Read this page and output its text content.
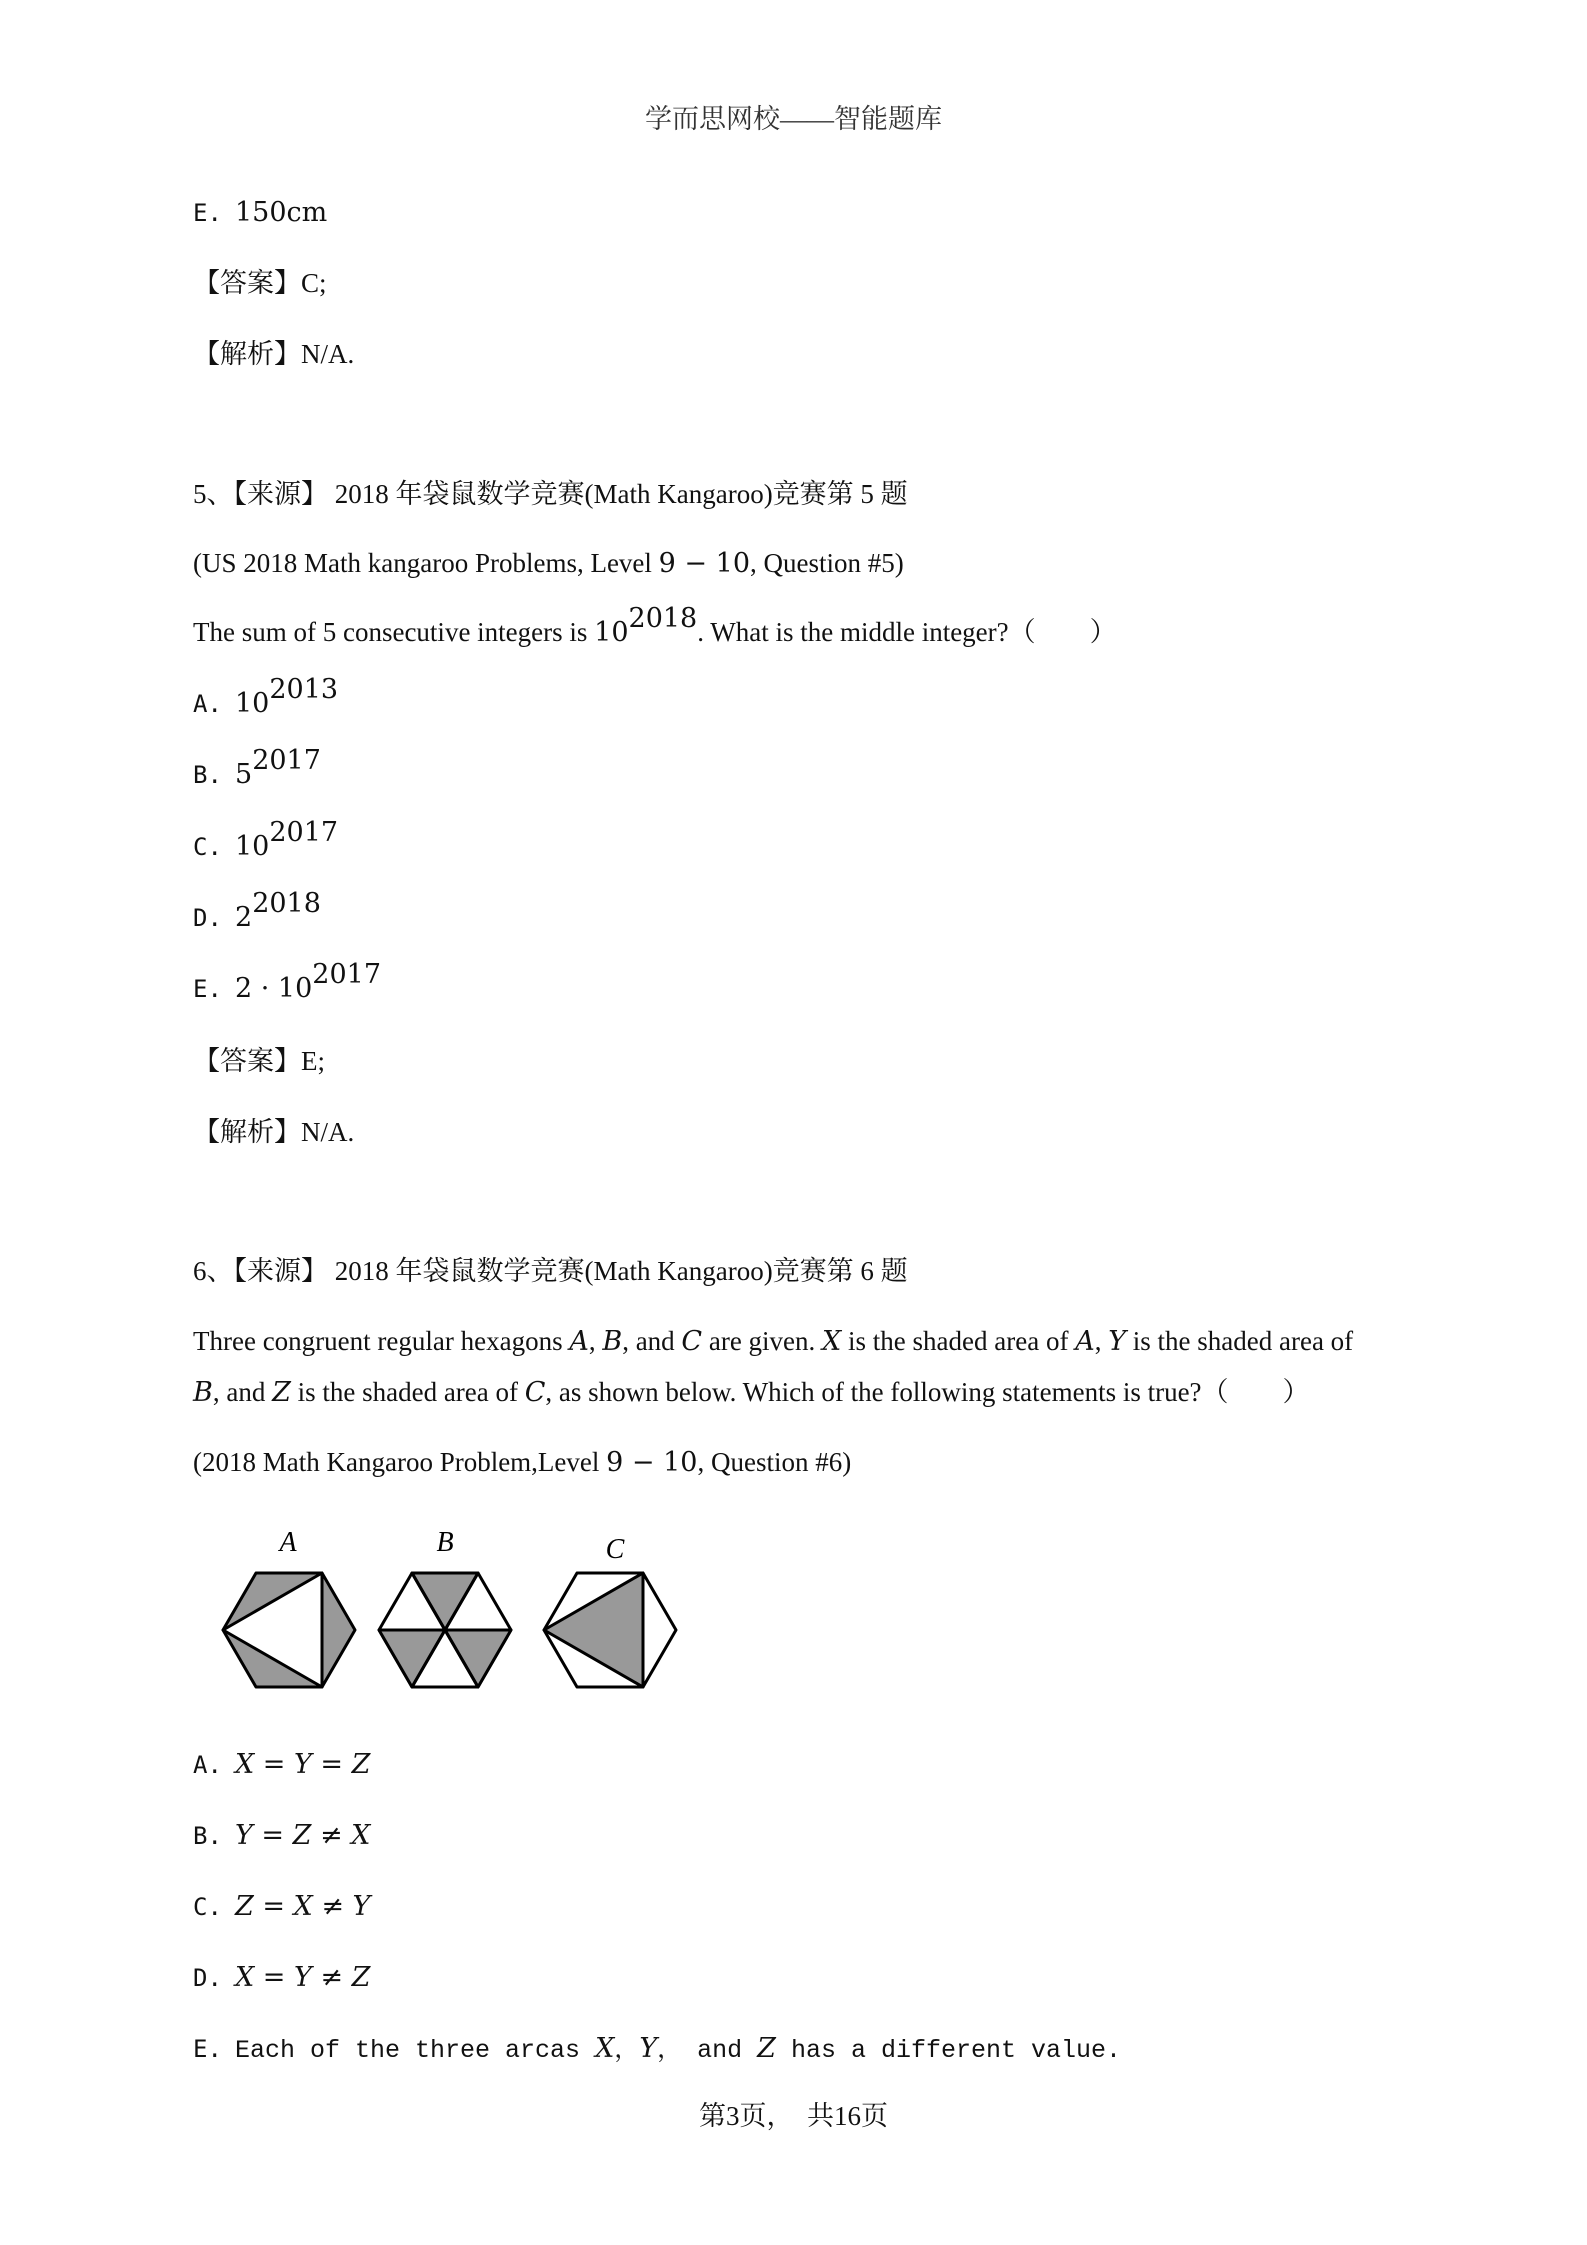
学而思网校——智能题库
E. 150cm
【答案】C;
【解析】N/A.
5、【来源】 2018 年袋鼠数学竞赛(Math Kangaroo)竞赛第 5 题
(US 2018 Math kangaroo Problems, Level 9 − 10, Question #5)
The sum of 5 consecutive integers is $10^{2018}$. What is the middle integer?（　　）
A. $10^{2013}$
B. $5^{2017}$
C. $10^{2017}$
D. $2^{2018}$
E. $2 \cdot 10^{2017}$
【答案】E;
【解析】N/A.
6、【来源】 2018 年袋鼠数学竞赛(Math Kangaroo)竞赛第 6 题
Three congruent regular hexagons A, B, and C are given. X is the shaded area of A, Y is the shaded area of
B, and Z is the shaded area of C, as shown below. Which of the following statements is true?（　　）
(2018 Math Kangaroo Problem,Level 9 − 10, Question #6)
A	B	C
A. X = Y = Z
B. Y = Z ≠ X
C. Z = X ≠ Y
D. X = Y ≠ Z
E. Each of the three arcas X，Y， and Z has a different value.
第3页，　共16页
